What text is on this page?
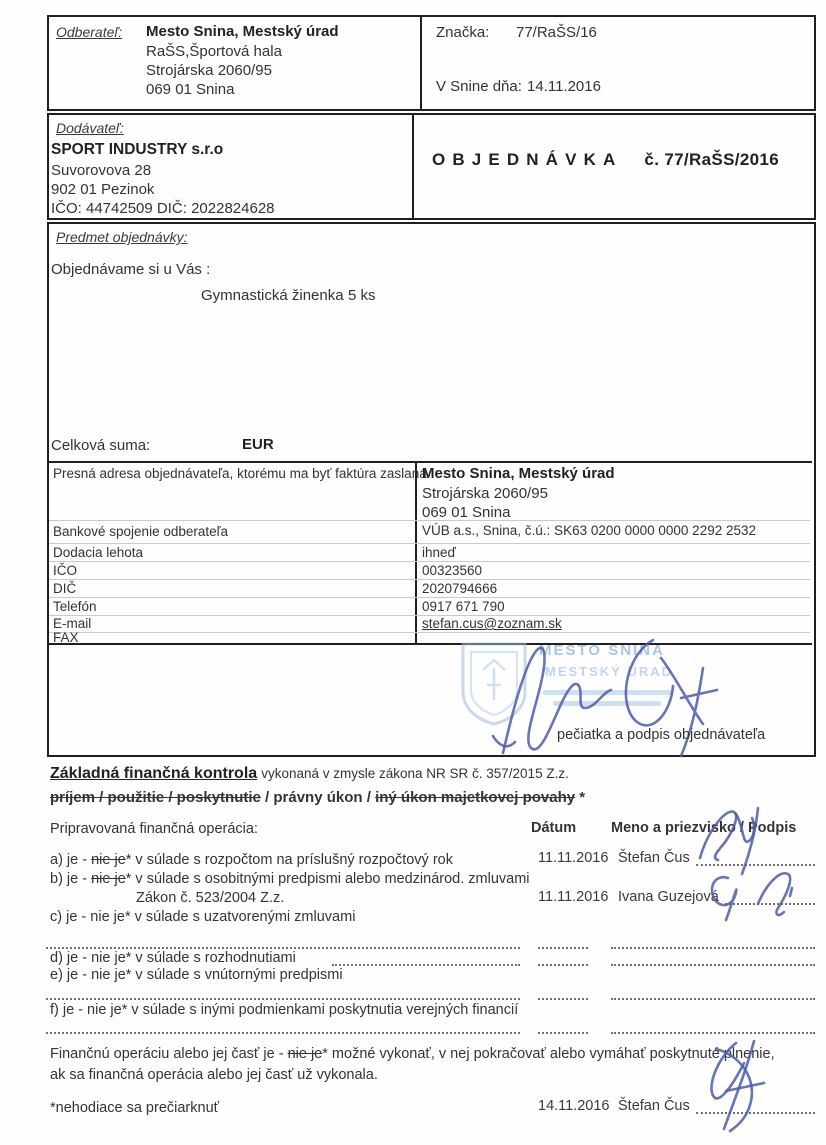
Odberateľ: Mesto Snina, Mestský úrad
RaŠS,Športová hala
Strojárska 2060/95
069 01 Snina
Značka: 77/RaŠS/16
V Snine dňa: 14.11.2016
Dodávateľ:
SPORT INDUSTRY s.r.o
Suvorovova 28
902 01 Pezinok
IČO: 44742509 DIČ: 2022824628
OBJEDNÁVKA č. 77/RaŠS/2016
Predmet objednávky:
Objednávame si u Vás :
Gymnastická žinenka 5 ks
Celková suma:	EUR
Presná adresa objednávateľa, ktorému ma byť faktúra zaslaná
Mesto Snina, Mestský úrad
Strojárska 2060/95
069 01 Snina
Bankové spojenie odberateľa	VÚB a.s., Snina, č.ú.: SK63 0200 0000 0000 2292 2532
Dodacia lehota	ihneď
IČO	00323560
DIČ	2020794666
Telefón	0917 671 790
E-mail	stefan.cus@zoznam.sk
FAX
MESTO SNINA
MESTSKÝ ÚRAD
pečiatka a podpis objednávateľa
Základná finančná kontrola vykonaná v zmysle zákona NR SR č. 357/2015 Z.z.
príjem / použitie / poskytnutie / právny úkon / iný úkon majetkovej povahy *
Pripravovaná finančná operácia:	Dátum Meno a priezvisko / Podpis
a) je - nie je* v súlade s rozpočtom na príslušný rozpočtový rok	11.11.2016 Štefan Čus
b) je - nie je* v súlade s osobitnými predpismi alebo medzinárod. zmluvami
Zákon č. 523/2004 Z.z.	11.11.2016 Ivana Guzejová
c) je - nie je* v súlade s uzatvorenými zmluvami
d) je - nie je* v súlade s rozhodnutiami
e) je - nie je* v súlade s vnútornými predpismi
f) je - nie je* v súlade s inými podmienkami poskytnutia verejných financií
Finančnú operáciu alebo jej časť je - nie je* možné vykonať, v nej pokračovať alebo vymáhať poskytnuté plnenie,
ak sa finančná operácia alebo jej časť už vykonala.
*nehodiace sa prečiarknuť	14.11.2016 Štefan Čus
